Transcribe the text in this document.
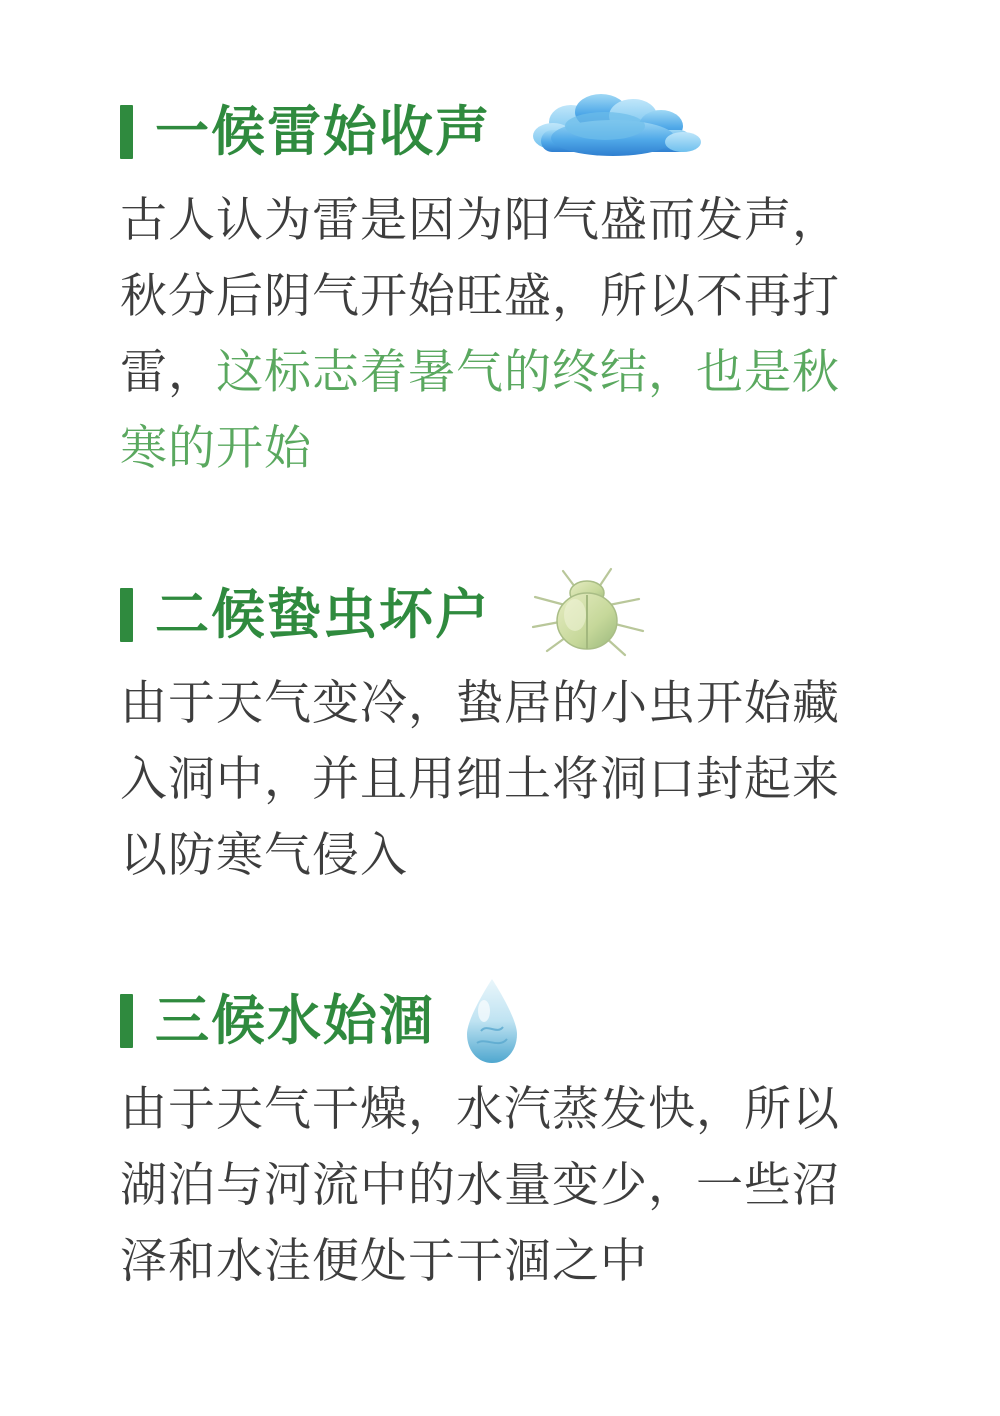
一候雷始收声
古人认为雷是因为阳气盛而发声，秋分后阴气开始旺盛，所以不再打雷，这标志着暑气的终结，也是秋寒的开始
二候蛰虫坏户
由于天气变冷，蛰居的小虫开始藏入洞中，并且用细土将洞口封起来以防寒气侵入
三候水始涸
由于天气干燥，水汽蒸发快，所以湖泊与河流中的水量变少，一些沼泽和水洼便处于干涸之中
